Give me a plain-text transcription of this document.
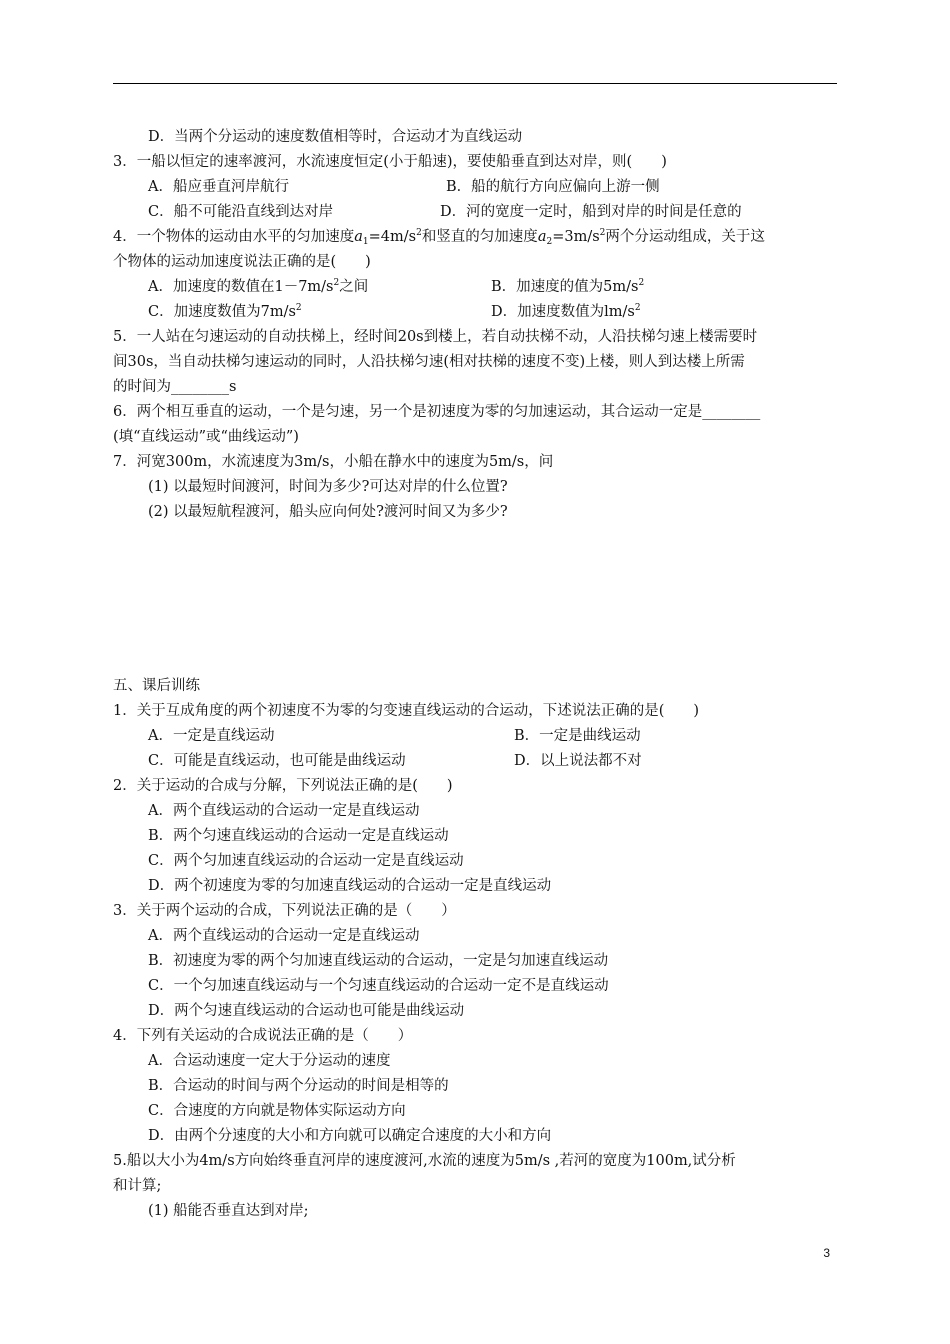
D．当两个分运动的速度数值相等时，合运动才为直线运动
3．一船以恒定的速率渡河，水流速度恒定(小于船速)，要使船垂直到达对岸，则(　　)
A．船应垂直河岸航行	B．船的航行方向应偏向上游一侧
C．船不可能沿直线到达对岸	D．河的宽度一定时，船到对岸的时间是任意的
4．一个物体的运动由水平的匀加速度$a_1=4m/s^2$和竖直的匀加速度$a_2=3m/s^2$两个分运动组成，关于这
个物体的运动加速度说法正确的是(　　)
A．加速度的数值在$1-7m/s^2$之间	B．加速度的值为$5m/s^2$
C．加速度数值为$7m/s^2$	D．加速度数值为$lm/s^2$
5．一人站在匀速运动的自动扶梯上，经时间20s到楼上，若自动扶梯不动，人沿扶梯匀速上楼需要时
间30s，当自动扶梯匀速运动的同时，人沿扶梯匀速(相对扶梯的速度不变)上楼，则人到达楼上所需
的时间为________s
6．两个相互垂直的运动，一个是匀速，另一个是初速度为零的匀加速运动，其合运动一定是________
(填“直线运动”或“曲线运动”)
7．河宽300m，水流速度为3m/s，小船在静水中的速度为5m/s，问
(1) 以最短时间渡河，时间为多少?可达对岸的什么位置?
(2) 以最短航程渡河，船头应向何处?渡河时间又为多少?
五、课后训练
1．关于互成角度的两个初速度不为零的匀变速直线运动的合运动，下述说法正确的是(　　)
A．一定是直线运动	B．一定是曲线运动
C．可能是直线运动，也可能是曲线运动	D．以上说法都不对
2．关于运动的合成与分解，下列说法正确的是(　　)
A．两个直线运动的合运动一定是直线运动
B．两个匀速直线运动的合运动一定是直线运动
C．两个匀加速直线运动的合运动一定是直线运动
D．两个初速度为零的匀加速直线运动的合运动一定是直线运动
3．关于两个运动的合成，下列说法正确的是（　　）
A．两个直线运动的合运动一定是直线运动
B．初速度为零的两个匀加速直线运动的合运动，一定是匀加速直线运动
C．一个匀加速直线运动与一个匀速直线运动的合运动一定不是直线运动
D．两个匀速直线运动的合运动也可能是曲线运动
4．下列有关运动的合成说法正确的是（　　）
A．合运动速度一定大于分运动的速度
B．合运动的时间与两个分运动的时间是相等的
C．合速度的方向就是物体实际运动方向
D．由两个分速度的大小和方向就可以确定合速度的大小和方向
5.船以大小为4m/s方向始终垂直河岸的速度渡河,水流的速度为5m/s ,若河的宽度为100m,试分析
和计算;
(1) 船能否垂直达到对岸;
3
